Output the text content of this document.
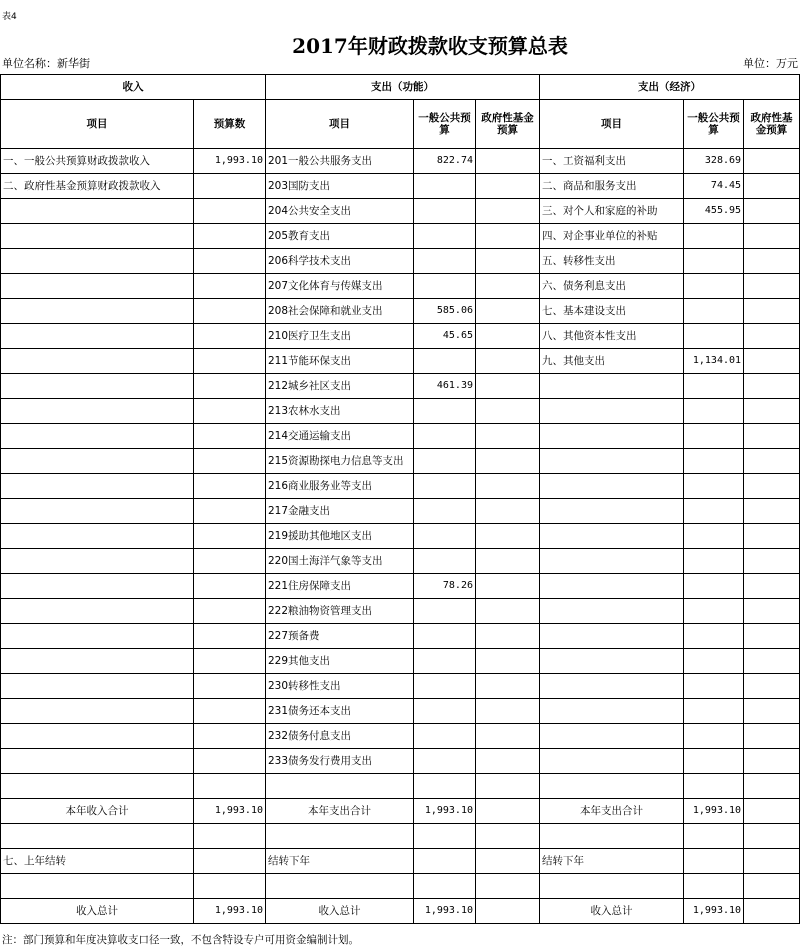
表4
2017年财政拨款收支预算总表
单位名称：新华街	单位：万元
收入		支出（功能）			支出（经济）		
项目	预算数	项目	一般公共预算	政府性基金预算	项目	一般公共预算	政府性基金预算
一、一般公共预算财政拨款收入	1,993.10	201一般公共服务支出	822.74		一、工资福利支出	328.69	
二、政府性基金预算财政拨款收入		203国防支出			二、商品和服务支出	74.45	
		204公共安全支出			三、对个人和家庭的补助	455.95	
		205教育支出			四、对企事业单位的补贴		
		206科学技术支出			五、转移性支出		
		207文化体育与传媒支出			六、债务利息支出		
		208社会保障和就业支出	585.06		七、基本建设支出		
		210医疗卫生支出	45.65		八、其他资本性支出		
		211节能环保支出			九、其他支出	1,134.01	
		212城乡社区支出	461.39				
		213农林水支出					
		214交通运输支出					
		215资源勘探电力信息等支出					
		216商业服务业等支出					
		217金融支出					
		219援助其他地区支出					
		220国土海洋气象等支出					
		221住房保障支出	78.26				
		222粮油物资管理支出					
		227预备费					
		229其他支出					
		230转移性支出					
		231债务还本支出					
		232债务付息支出					
		233债务发行费用支出					

本年收入合计	1,993.10	本年支出合计	1,993.10		本年支出合计	1,993.10	

七、上年结转		结转下年			结转下年		

收入总计	1,993.10	收入总计	1,993.10		收入总计	1,993.10	
注：部门预算和年度决算收支口径一致，不包含特设专户可用资金编制计划。
